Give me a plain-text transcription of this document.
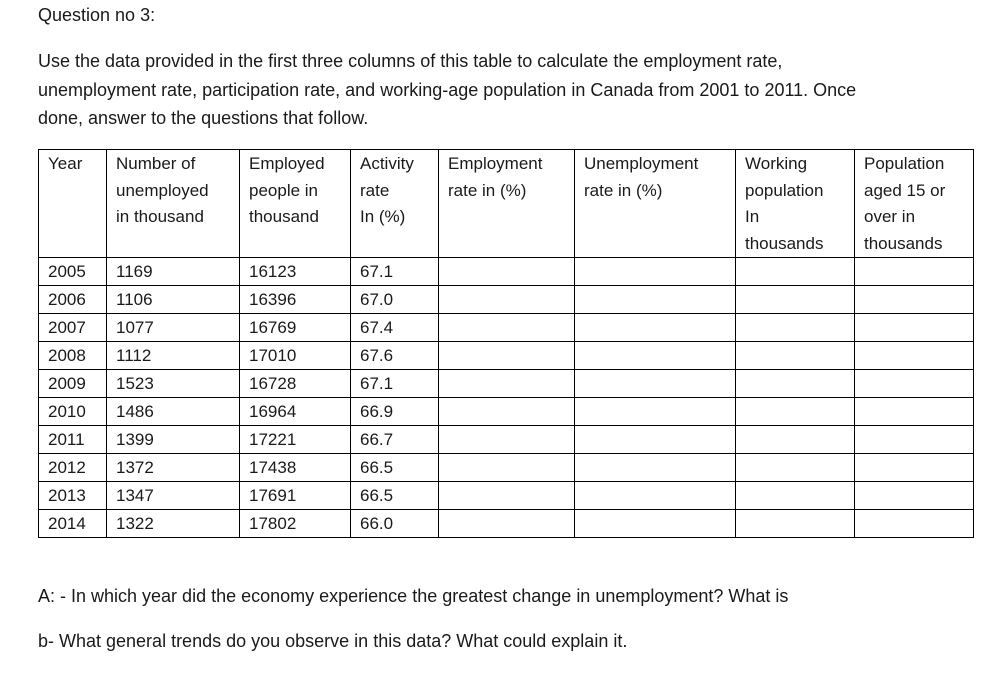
Question no 3:
Use the data provided in the first three columns of this table to calculate the employment rate,
unemployment rate, participation rate, and working-age population in Canada from 2001 to 2011. Once
done, answer to the questions that follow.
Year	Number of
unemployed
in thousand	Employed
people in
thousand	Activity
rate
In (%)	Employment
rate in (%)	Unemployment
rate in (%)	Working
population
In
thousands	Population
aged 15 or
over in
thousands

2005	1169	16123	67.1				
2006	1106	16396	67.0				
2007	1077	16769	67.4				
2008	1112	17010	67.6				
2009	1523	16728	67.1				
2010	1486	16964	66.9				
2011	1399	17221	66.7				
2012	1372	17438	66.5				
2013	1347	17691	66.5				
2014	1322	17802	66.0				
A: - In which year did the economy experience the greatest change in unemployment? What is
b- What general trends do you observe in this data? What could explain it.
